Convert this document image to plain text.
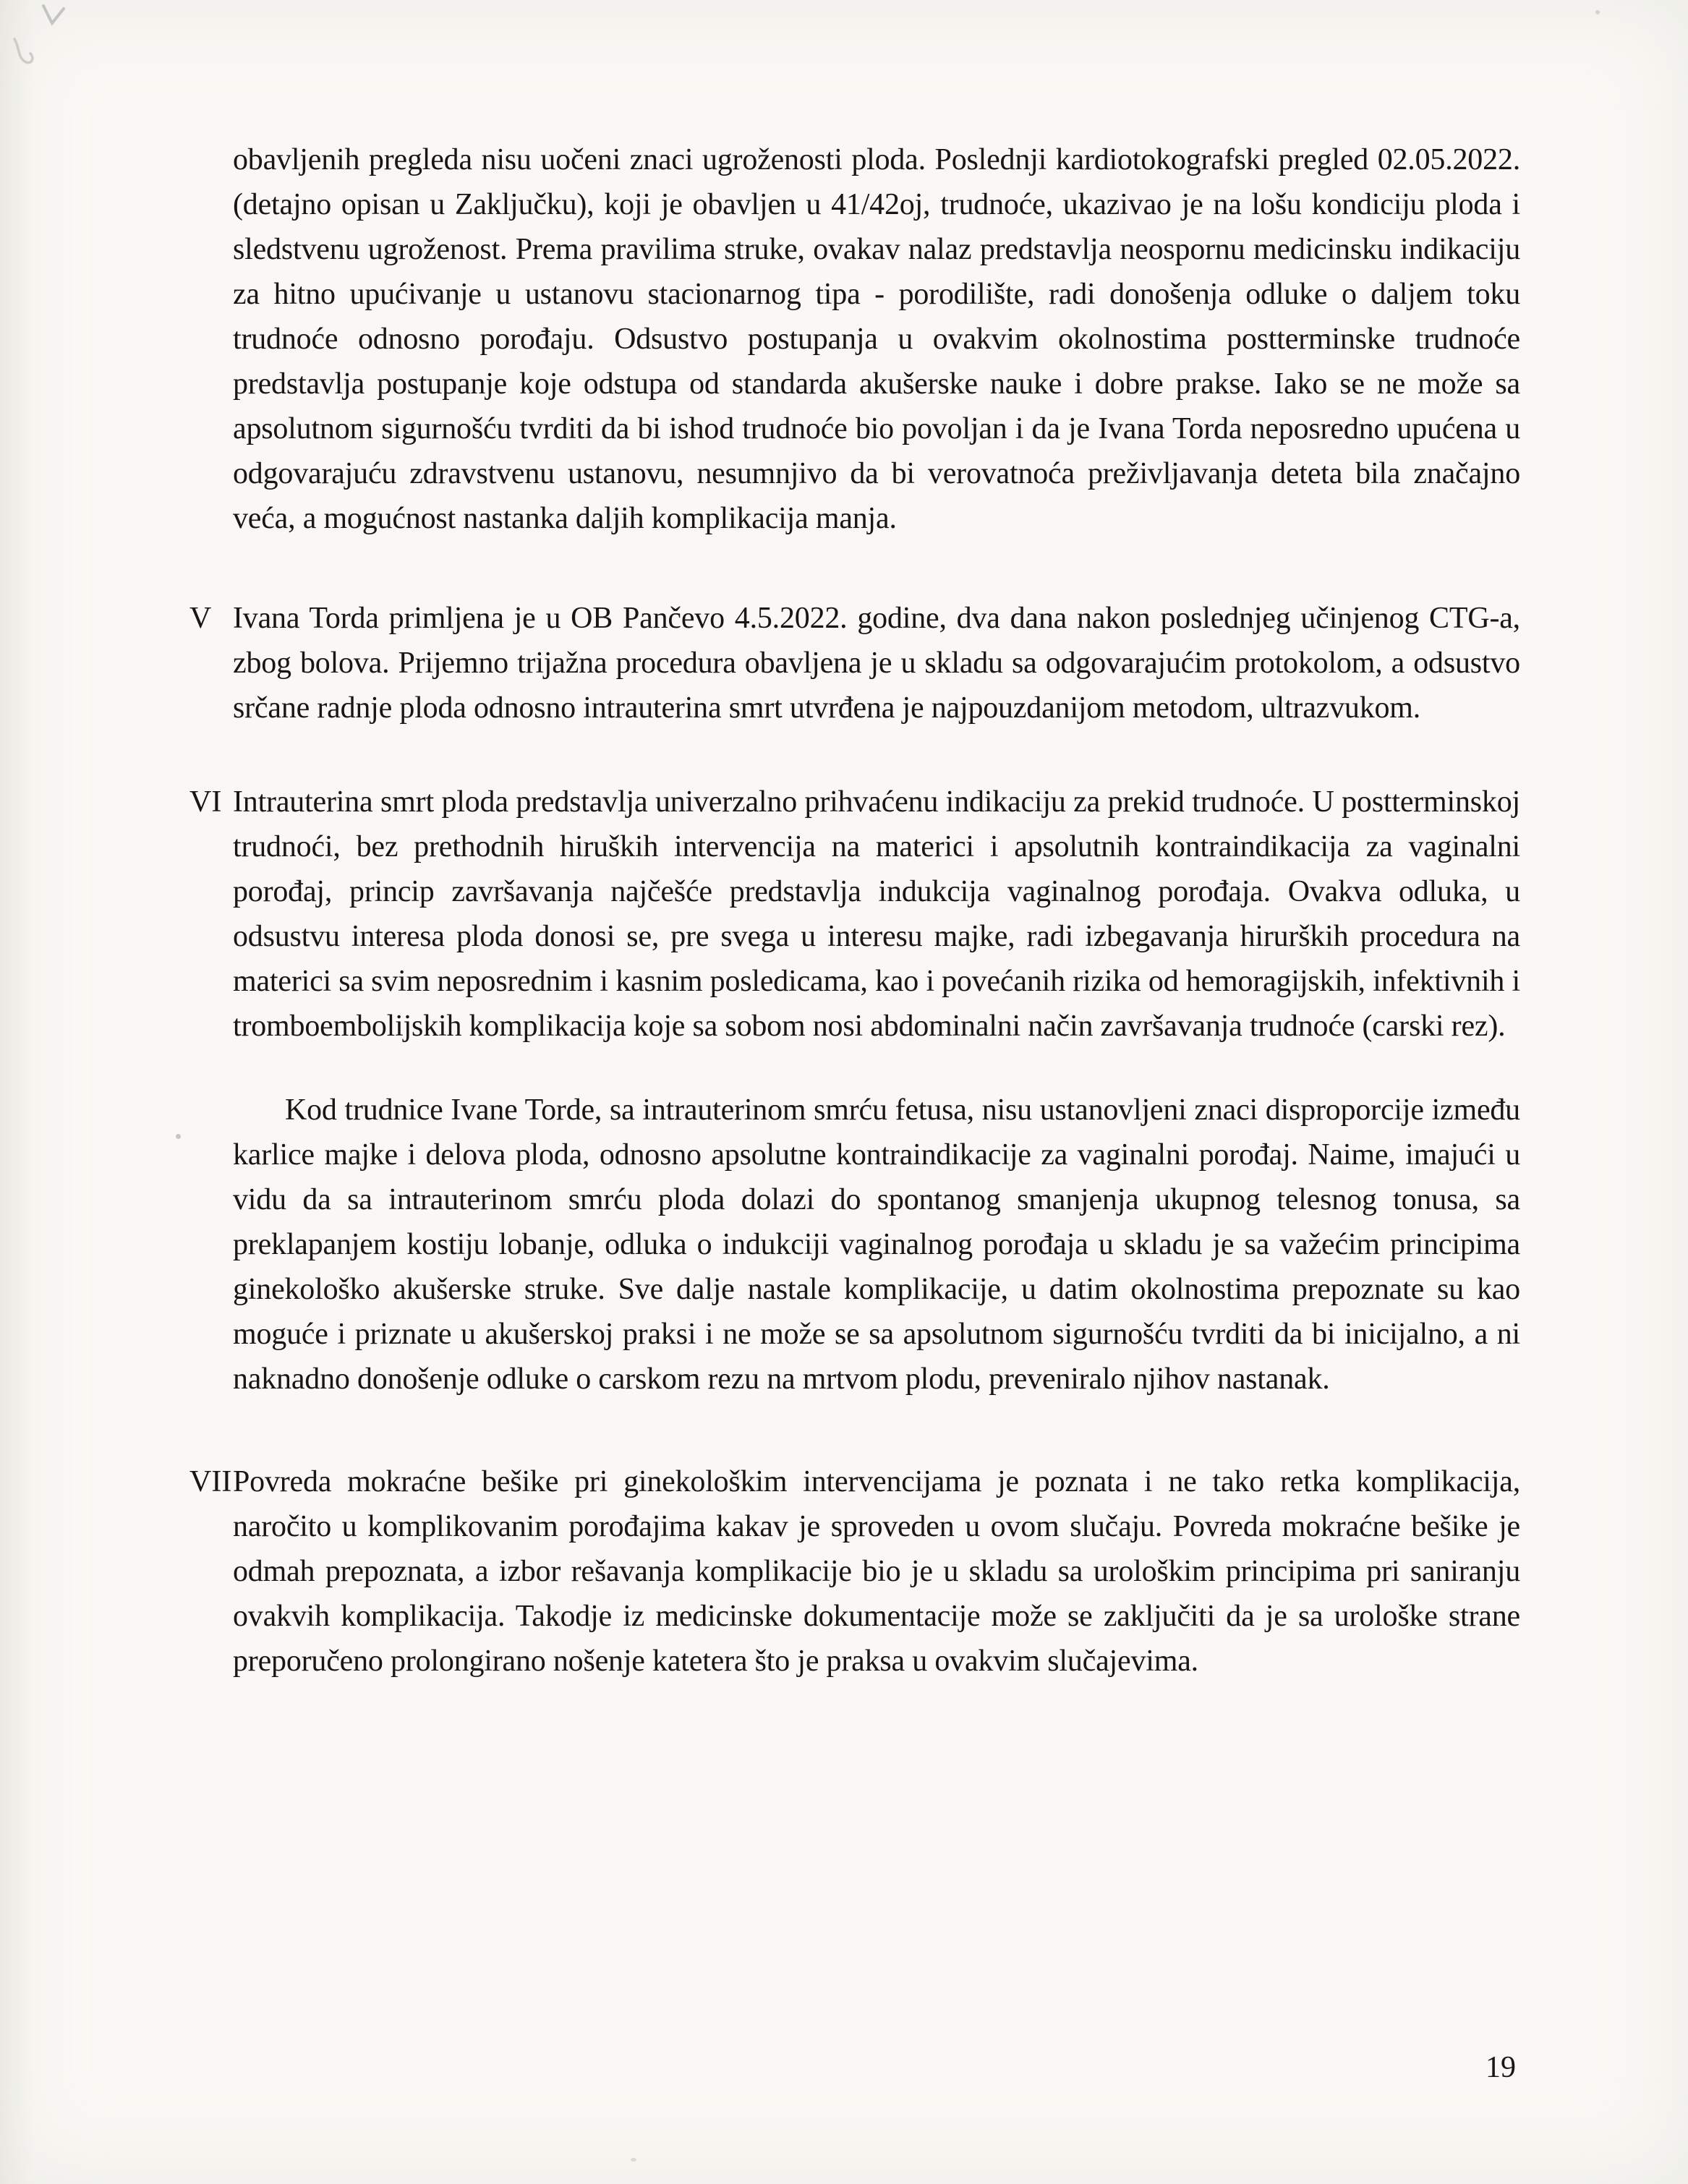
obavljenih pregleda nisu uočeni znaci ugroženosti ploda. Poslednji kardiotokografski pregled 02.05.2022. (detajno opisan u Zaključku), koji je obavljen u 41/42oj, trudnoće, ukazivao je na lošu kondiciju ploda i sledstvenu ugroženost. Prema pravilima struke, ovakav nalaz predstavlja neospornu medicinsku indikaciju za hitno upućivanje u ustanovu stacionarnog tipa - porodilište, radi donošenja odluke o daljem toku trudnoće odnosno porođaju. Odsustvo postupanja u ovakvim okolnostima postterminske trudnoće predstavlja postupanje koje odstupa od standarda akušerske nauke i dobre prakse. Iako se ne može sa apsolutnom sigurnošću tvrditi da bi ishod trudnoće bio povoljan i da je Ivana Torda neposredno upućena u odgovarajuću zdravstvenu ustanovu, nesumnjivo da bi verovatnoća preživljavanja deteta bila značajno veća, a mogućnost nastanka daljih komplikacija manja.
V Ivana Torda primljena je u OB Pančevo 4.5.2022. godine, dva dana nakon poslednjeg učinjenog CTG-a, zbog bolova. Prijemno trijažna procedura obavljena je u skladu sa odgovarajućim protokolom, a odsustvo srčane radnje ploda odnosno intrauterina smrt utvrđena je najpouzdanijom metodom, ultrazvukom.
VI Intrauterina smrt ploda predstavlja univerzalno prihvaćenu indikaciju za prekid trudnoće. U postterminskoj trudnoći, bez prethodnih hiruških intervencija na materici i apsolutnih kontraindikacija za vaginalni porođaj, princip završavanja najčešće predstavlja indukcija vaginalnog porođaja. Ovakva odluka, u odsustvu interesa ploda donosi se, pre svega u interesu majke, radi izbegavanja hirurških procedura na materici sa svim neposrednim i kasnim posledicama, kao i povećanih rizika od hemoragijskih, infektivnih i tromboembolijskih komplikacija koje sa sobom nosi abdominalni način završavanja trudnoće (carski rez).
Kod trudnice Ivane Torde, sa intrauterinom smrću fetusa, nisu ustanovljeni znaci disproporcije između karlice majke i delova ploda, odnosno apsolutne kontraindikacije za vaginalni porođaj. Naime, imajući u vidu da sa intrauterinom smrću ploda dolazi do spontanog smanjenja ukupnog telesnog tonusa, sa preklapanjem kostiju lobanje, odluka o indukciji vaginalnog porođaja u skladu je sa važećim principima ginekološko akušerske struke. Sve dalje nastale komplikacije, u datim okolnostima prepoznate su kao moguće i priznate u akušerskoj praksi i ne može se sa apsolutnom sigurnošću tvrditi da bi inicijalno, a ni naknadno donošenje odluke o carskom rezu na mrtvom plodu, preveniralo njihov nastanak.
VII Povreda mokraćne bešike pri ginekološkim intervencijama je poznata i ne tako retka komplikacija, naročito u komplikovanim porođajima kakav je sproveden u ovom slučaju. Povreda mokraćne bešike je odmah prepoznata, a izbor rešavanja komplikacije bio je u skladu sa urološkim principima pri saniranju ovakvih komplikacija. Takodje iz medicinske dokumentacije može se zaključiti da je sa urološke strane preporučeno prolongirano nošenje katetera što je praksa u ovakvim slučajevima.
19
